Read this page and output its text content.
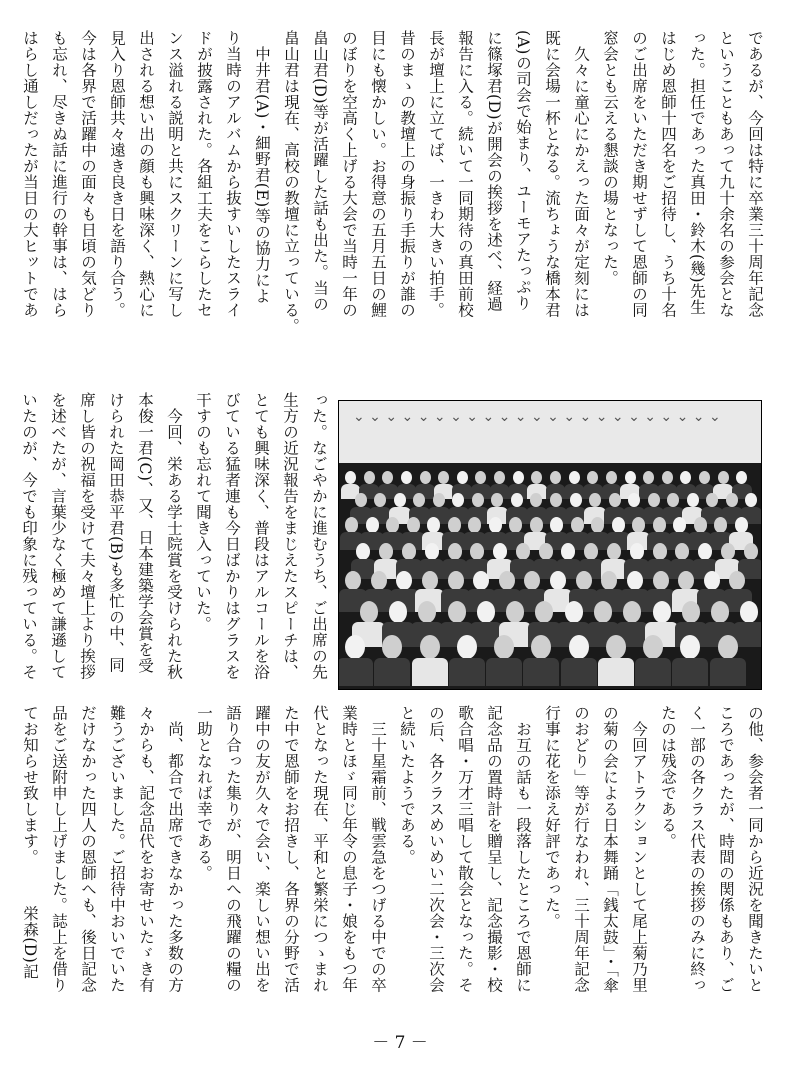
であるが、今回は特に卒業三十周年記念
ということもあって九十余名の参会とな
った。担任であった真田・鈴木(幾)先生
はじめ恩師十四名をご招待し、うち十名
のご出席をいただき期せずして恩師の同
窓会とも云える懇談の場となった。
　久々に童心にかえった面々が定刻には
既に会場一杯となる。流ちょうな橋本君
(A)の司会で始まり、ユーモアたっぷり
に篠塚君(D)が開会の挨拶を述べ、経過
報告に入る。続いて一同期待の真田前校
長が壇上に立てば、一きわ大きい拍手。
昔のまゝの教壇上の身振り手振りが誰の
目にも懐かしい。お得意の五月五日の鯉
のぼりを空高く上げる大会で当時一年の
畠山君(D)等が活躍した話も出た。当の
畠山君は現在、高校の教壇に立っている。
　中井君(A)・細野君(E)等の協力によ
り当時のアルバムから抜すいしたスライ
ドが披露された。各組工夫をこらしたセ
ンス溢れる説明と共にスクリーンに写し
出される想い出の顔も興味深く、熱心に
見入り恩師共々遠き良き日を語り合う。
今は各界で活躍中の面々も日頃の気どり
も忘れ、尽きぬ話に進行の幹事は、はら
はらし通しだったが当日の大ヒットであ
⌄ ⌄ ⌄ ⌄ ⌄ ⌄ ⌄ ⌄ ⌄ ⌄ ⌄ ⌄ ⌄ ⌄ ⌄ ⌄ ⌄ ⌄ ⌄ ⌄ ⌄ ⌄ ⌄
った。なごやかに進むうち、ご出席の先
生方の近況報告をまじえたスピーチは、
とても興味深く、普段はアルコールを浴
びている猛者連も今日ばかりはグラスを
干すのも忘れて聞き入っていた。
　今回、栄ある学士院賞を受けられた秋
本俊一君(C)、又、日本建築学会賞を受
けられた岡田恭平君(B)も多忙の中、同
席し皆の祝福を受けて夫々壇上より挨拶
を述べたが、言葉少なく極めて謙遜して
いたのが、今でも印象に残っている。そ
の他、参会者一同から近況を聞きたいと
ころであったが、時間の関係もあり、ご
く一部の各クラス代表の挨拶のみに終っ
たのは残念である。
　今回アトラクションとして尾上菊乃里
の菊の会による日本舞踊「銭太鼓」・「傘
のおどり」等が行なわれ、三十周年記念
行事に花を添え好評であった。
　お互の話も一段落したところで恩師に
記念品の置時計を贈呈し、記念撮影・校
歌合唱・万才三唱して散会となった。そ
の后、各クラスめいめい二次会・三次会
と続いたようである。
　三十星霜前、戦雲急をつげる中での卒
業時とほゞ同じ年令の息子・娘をもつ年
代となった現在、平和と繁栄につゝまれ
た中で恩師をお招きし、各界の分野で活
躍中の友が久々で会い、楽しい想い出を
語り合った集りが、明日への飛躍の糧の
一助となれば幸である。
　尚、都合で出席できなかった多数の方
々からも、記念品代をお寄せいたゞき有
難うございました。ご招待中おいでいた
だけなかった四人の恩師へも、後日記念
品をご送附申し上げました。誌上を借り
てお知らせ致します。　　　栄森(D)記
－ 7 －
